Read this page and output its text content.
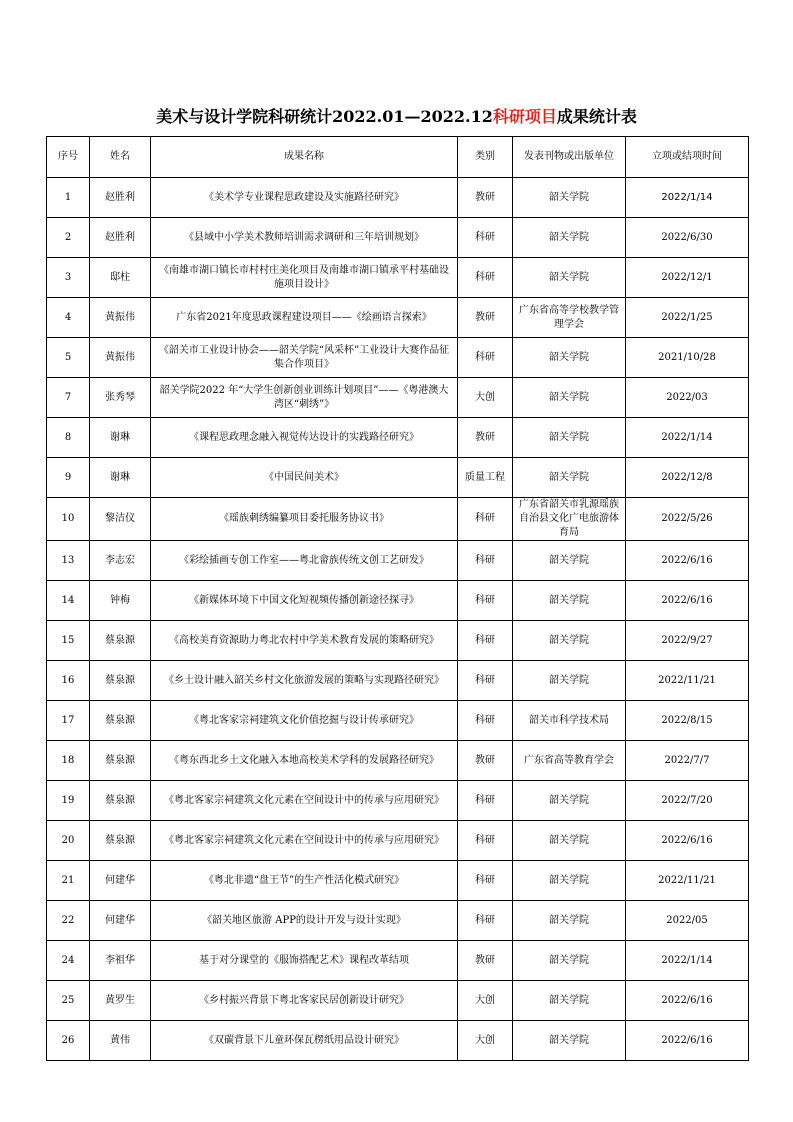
美术与设计学院科研统计2022.01—2022.12科研项目成果统计表
序号	姓名	成果名称	类别	发表刊物或出版单位	立项或结项时间
1	赵胜利	《美术学专业课程思政建设及实施路径研究》	教研	韶关学院	2022/1/14
2	赵胜利	《县域中小学美术教师培训需求调研和三年培训规划》	科研	韶关学院	2022/6/30
3	邸柱	《南雄市湖口镇长市村村庄美化项目及南雄市湖口镇承平村基础设施项目设计》	科研	韶关学院	2022/12/1
4	黄振伟	广东省2021年度思政课程建设项目——《绘画语言探索》	教研	广东省高等学校教学管理学会	2022/1/25
5	黄振伟	《韶关市工业设计协会——韶关学院“风采杯”工业设计大赛作品征集合作项目》	科研	韶关学院	2021/10/28
7	张秀琴	韶关学院2022 年“大学生创新创业训练计划项目”——《粤港澳大湾区“刺绣”》	大创	韶关学院	2022/03
8	谢琳	《课程思政理念融入视觉传达设计的实践路径研究》	教研	韶关学院	2022/1/14
9	谢琳	《中国民间美术》	质量工程	韶关学院	2022/12/8
10	黎洁仪	《瑶族刺绣编纂项目委托服务协议书》	科研	广东省韶关市乳源瑶族自治县文化广电旅游体育局	2022/5/26
13	李志宏	《彩绘插画专创工作室——粤北畲族传统文创工艺研发》	科研	韶关学院	2022/6/16
14	钟梅	《新媒体环境下中国文化短视频传播创新途径探寻》	科研	韶关学院	2022/6/16
15	蔡泉源	《高校美育资源助力粤北农村中学美术教育发展的策略研究》	科研	韶关学院	2022/9/27
16	蔡泉源	《乡土设计融入韶关乡村文化旅游发展的策略与实现路径研究》	科研	韶关学院	2022/11/21
17	蔡泉源	《粤北客家宗祠建筑文化价值挖掘与设计传承研究》	科研	韶关市科学技术局	2022/8/15
18	蔡泉源	《粤东西北乡土文化融入本地高校美术学科的发展路径研究》	教研	广东省高等教育学会	2022/7/7
19	蔡泉源	《粤北客家宗祠建筑文化元素在空间设计中的传承与应用研究》	科研	韶关学院	2022/7/20
20	蔡泉源	《粤北客家宗祠建筑文化元素在空间设计中的传承与应用研究》	科研	韶关学院	2022/6/16
21	何建华	《粤北非遗“盘王节”的生产性活化模式研究》	科研	韶关学院	2022/11/21
22	何建华	《韶关地区旅游 APP的设计开发与设计实现》	科研	韶关学院	2022/05
24	李祖华	基于对分课堂的《服饰搭配艺术》课程改革结项	教研	韶关学院	2022/1/14
25	黄罗生	《乡村振兴背景下粤北客家民居创新设计研究》	大创	韶关学院	2022/6/16
26	黄伟	《双碳背景下儿童环保瓦楞纸用品设计研究》	大创	韶关学院	2022/6/16
